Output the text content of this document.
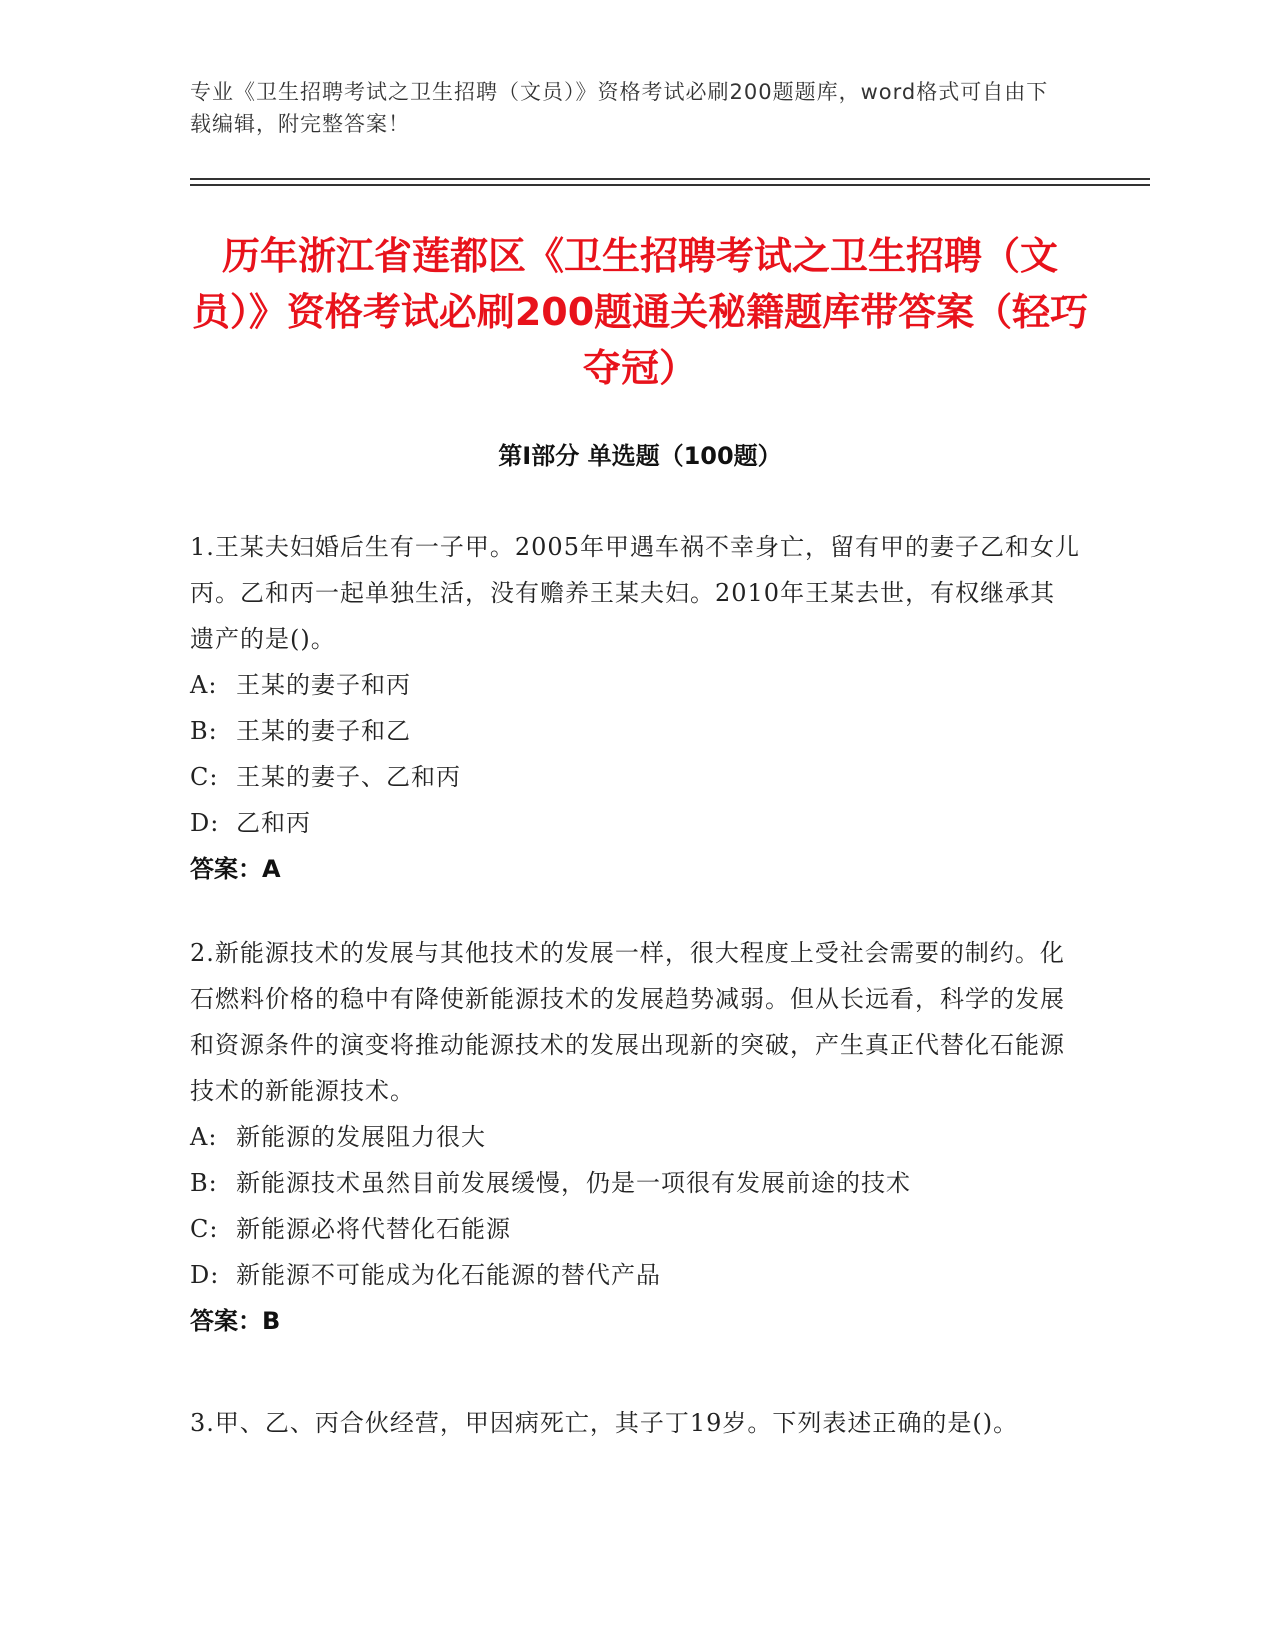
专业《卫生招聘考试之卫生招聘（文员）》资格考试必刷200题题库，word格式可自由下载编辑，附完整答案！
历年浙江省莲都区《卫生招聘考试之卫生招聘（文员）》资格考试必刷200题通关秘籍题库带答案（轻巧夺冠）
第Ⅰ部分 单选题（100题）
1.王某夫妇婚后生有一子甲。2005年甲遇车祸不幸身亡，留有甲的妻子乙和女儿丙。乙和丙一起单独生活，没有赡养王某夫妇。2010年王某去世，有权继承其遗产的是()。
A: 王某的妻子和丙
B: 王某的妻子和乙
C: 王某的妻子、乙和丙
D: 乙和丙
答案：A
2.新能源技术的发展与其他技术的发展一样，很大程度上受社会需要的制约。化石燃料价格的稳中有降使新能源技术的发展趋势减弱。但从长远看，科学的发展和资源条件的演变将推动能源技术的发展出现新的突破，产生真正代替化石能源技术的新能源技术。
A: 新能源的发展阻力很大
B: 新能源技术虽然目前发展缓慢，仍是一项很有发展前途的技术
C: 新能源必将代替化石能源
D: 新能源不可能成为化石能源的替代产品
答案：B
3.甲、乙、丙合伙经营，甲因病死亡，其子丁19岁。下列表述正确的是()。
